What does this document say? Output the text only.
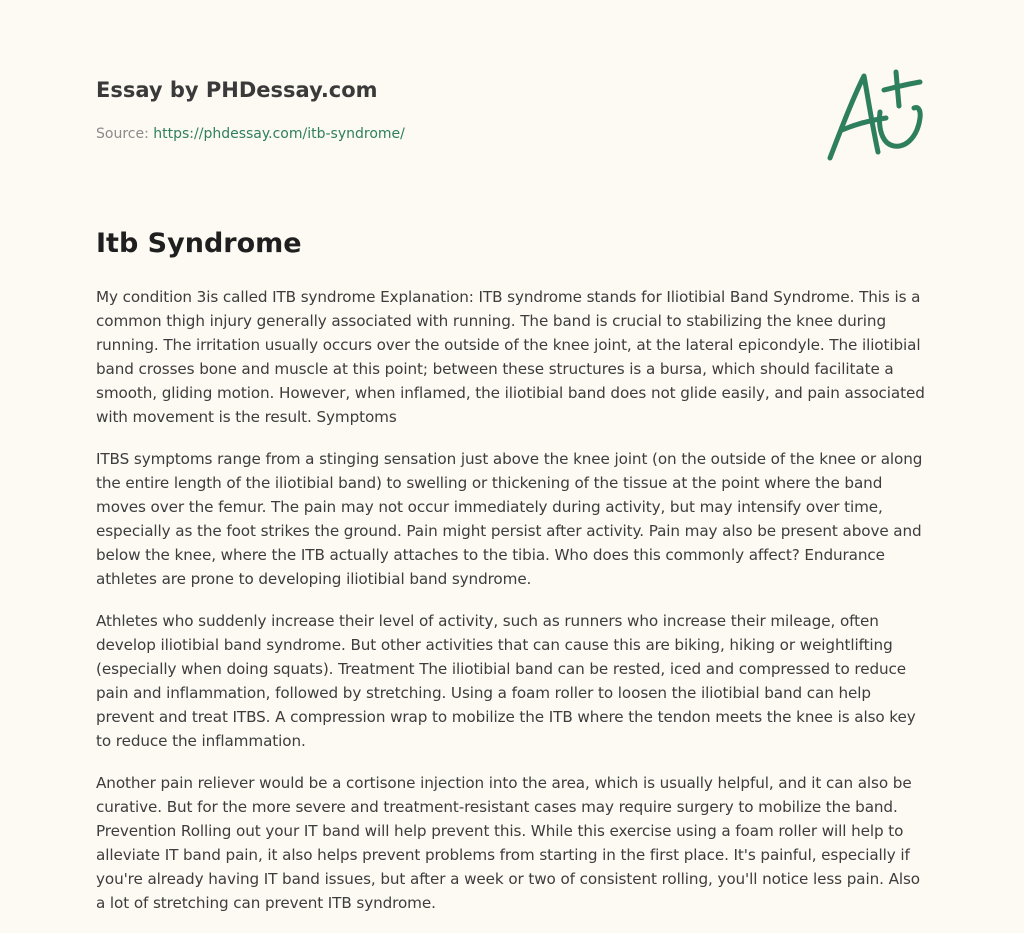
Essay by PHDessay.com
Source: https://phdessay.com/itb-syndrome/
Itb Syndrome

My condition 3is called ITB syndrome Explanation: ITB syndrome stands for Iliotibial Band Syndrome. This is a common thigh injury generally associated with running. The band is crucial to stabilizing the knee during running. The irritation usually occurs over the outside of the knee joint, at the lateral epicondyle. The iliotibial band crosses bone and muscle at this point; between these structures is a bursa, which should facilitate a smooth, gliding motion. However, when inflamed, the iliotibial band does not glide easily, and pain associated with movement is the result. Symptoms

ITBS symptoms range from a stinging sensation just above the knee joint (on the outside of the knee or along the entire length of the iliotibial band) to swelling or thickening of the tissue at the point where the band moves over the femur. The pain may not occur immediately during activity, but may intensify over time, especially as the foot strikes the ground. Pain might persist after activity. Pain may also be present above and below the knee, where the ITB actually attaches to the tibia. Who does this commonly affect? Endurance athletes are prone to developing iliotibial band syndrome.

Athletes who suddenly increase their level of activity, such as runners who increase their mileage, often develop iliotibial band syndrome. But other activities that can cause this are biking, hiking or weightlifting (especially when doing squats). Treatment The iliotibial band can be rested, iced and compressed to reduce pain and inflammation, followed by stretching. Using a foam roller to loosen the iliotibial band can help prevent and treat ITBS. A compression wrap to mobilize the ITB where the tendon meets the knee is also key to reduce the inflammation.

Another pain reliever would be a cortisone injection into the area, which is usually helpful, and it can also be curative. But for the more severe and treatment-resistant cases may require surgery to mobilize the band. Prevention Rolling out your IT band will help prevent this. While this exercise using a foam roller will help to alleviate IT band pain, it also helps prevent problems from starting in the first place. It's painful, especially if you're already having IT band issues, but after a week or two of consistent rolling, you'll notice less pain. Also a lot of stretching can prevent ITB syndrome.
